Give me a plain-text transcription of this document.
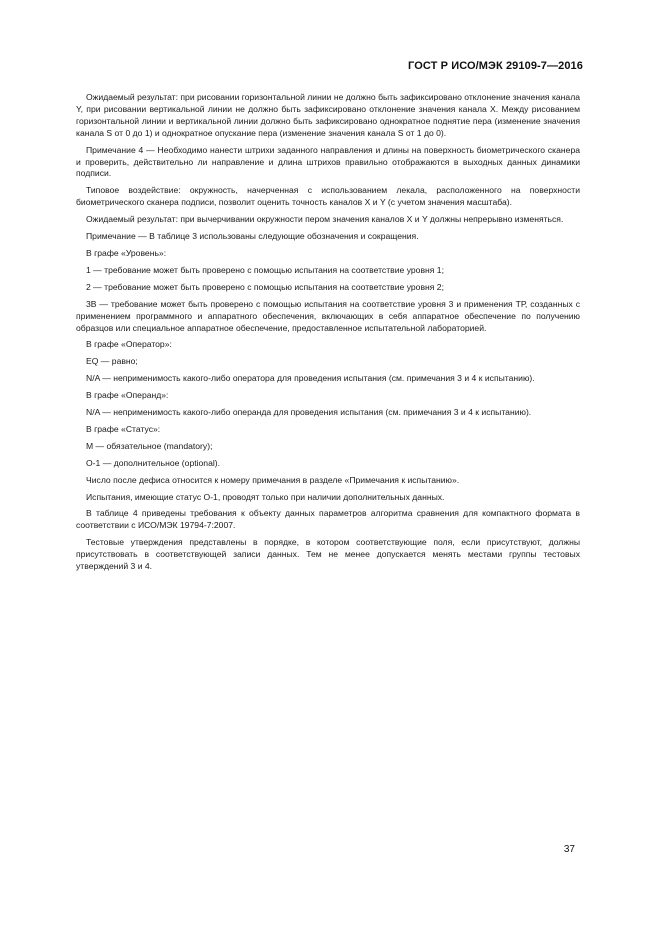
ГОСТ Р ИСО/МЭК 29109-7—2016

Ожидаемый результат: при рисовании горизонтальной линии не должно быть зафиксировано отклонение значения канала Y, при рисовании вертикальной линии не должно быть зафиксировано отклонение значения канала X. Между рисованием горизонтальной линии и вертикальной линии должно быть зафиксировано однократное поднятие пера (изменение значения канала S от 0 до 1) и однократное опускание пера (изменение значения канала S от 1 до 0).

Примечание 4 — Необходимо нанести штрихи заданного направления и длины на поверхность биометрического сканера и проверить, действительно ли направление и длина штрихов правильно отображаются в выходных данных динамики подписи.

Типовое воздействие: окружность, начерченная с использованием лекала, расположенного на поверхности биометрического сканера подписи, позволит оценить точность каналов X и Y (с учетом значения масштаба).

Ожидаемый результат: при вычерчивании окружности пером значения каналов X и Y должны непрерывно изменяться.

Примечание — В таблице 3 использованы следующие обозначения и сокращения.

В графе «Уровень»:

1 — требование может быть проверено с помощью испытания на соответствие уровня 1;

2 — требование может быть проверено с помощью испытания на соответствие уровня 2;

3B — требование может быть проверено с помощью испытания на соответствие уровня 3 и применения ТР, созданных с применением программного и аппаратного обеспечения, включающих в себя аппаратное обеспечение по получению образцов или специальное аппаратное обеспечение, предоставленное испытательной лабораторией.

В графе «Оператор»:

EQ — равно;

N/A — неприменимость какого-либо оператора для проведения испытания (см. примечания 3 и 4 к испытанию).

В графе «Операнд»:

N/A — неприменимость какого-либо операнда для проведения испытания (см. примечания 3 и 4 к испытанию).

В графе «Статус»:

M — обязательное (mandatory);

O-1 — дополнительное (optional).

Число после дефиса относится к номеру примечания в разделе «Примечания к испытанию».

Испытания, имеющие статус O-1, проводят только при наличии дополнительных данных.

В таблице 4 приведены требования к объекту данных параметров алгоритма сравнения для компактного формата в соответствии с ИСО/МЭК 19794-7:2007.

Тестовые утверждения представлены в порядке, в котором соответствующие поля, если присутствуют, должны присутствовать в соответствующей записи данных. Тем не менее допускается менять местами группы тестовых утверждений 3 и 4.

37
